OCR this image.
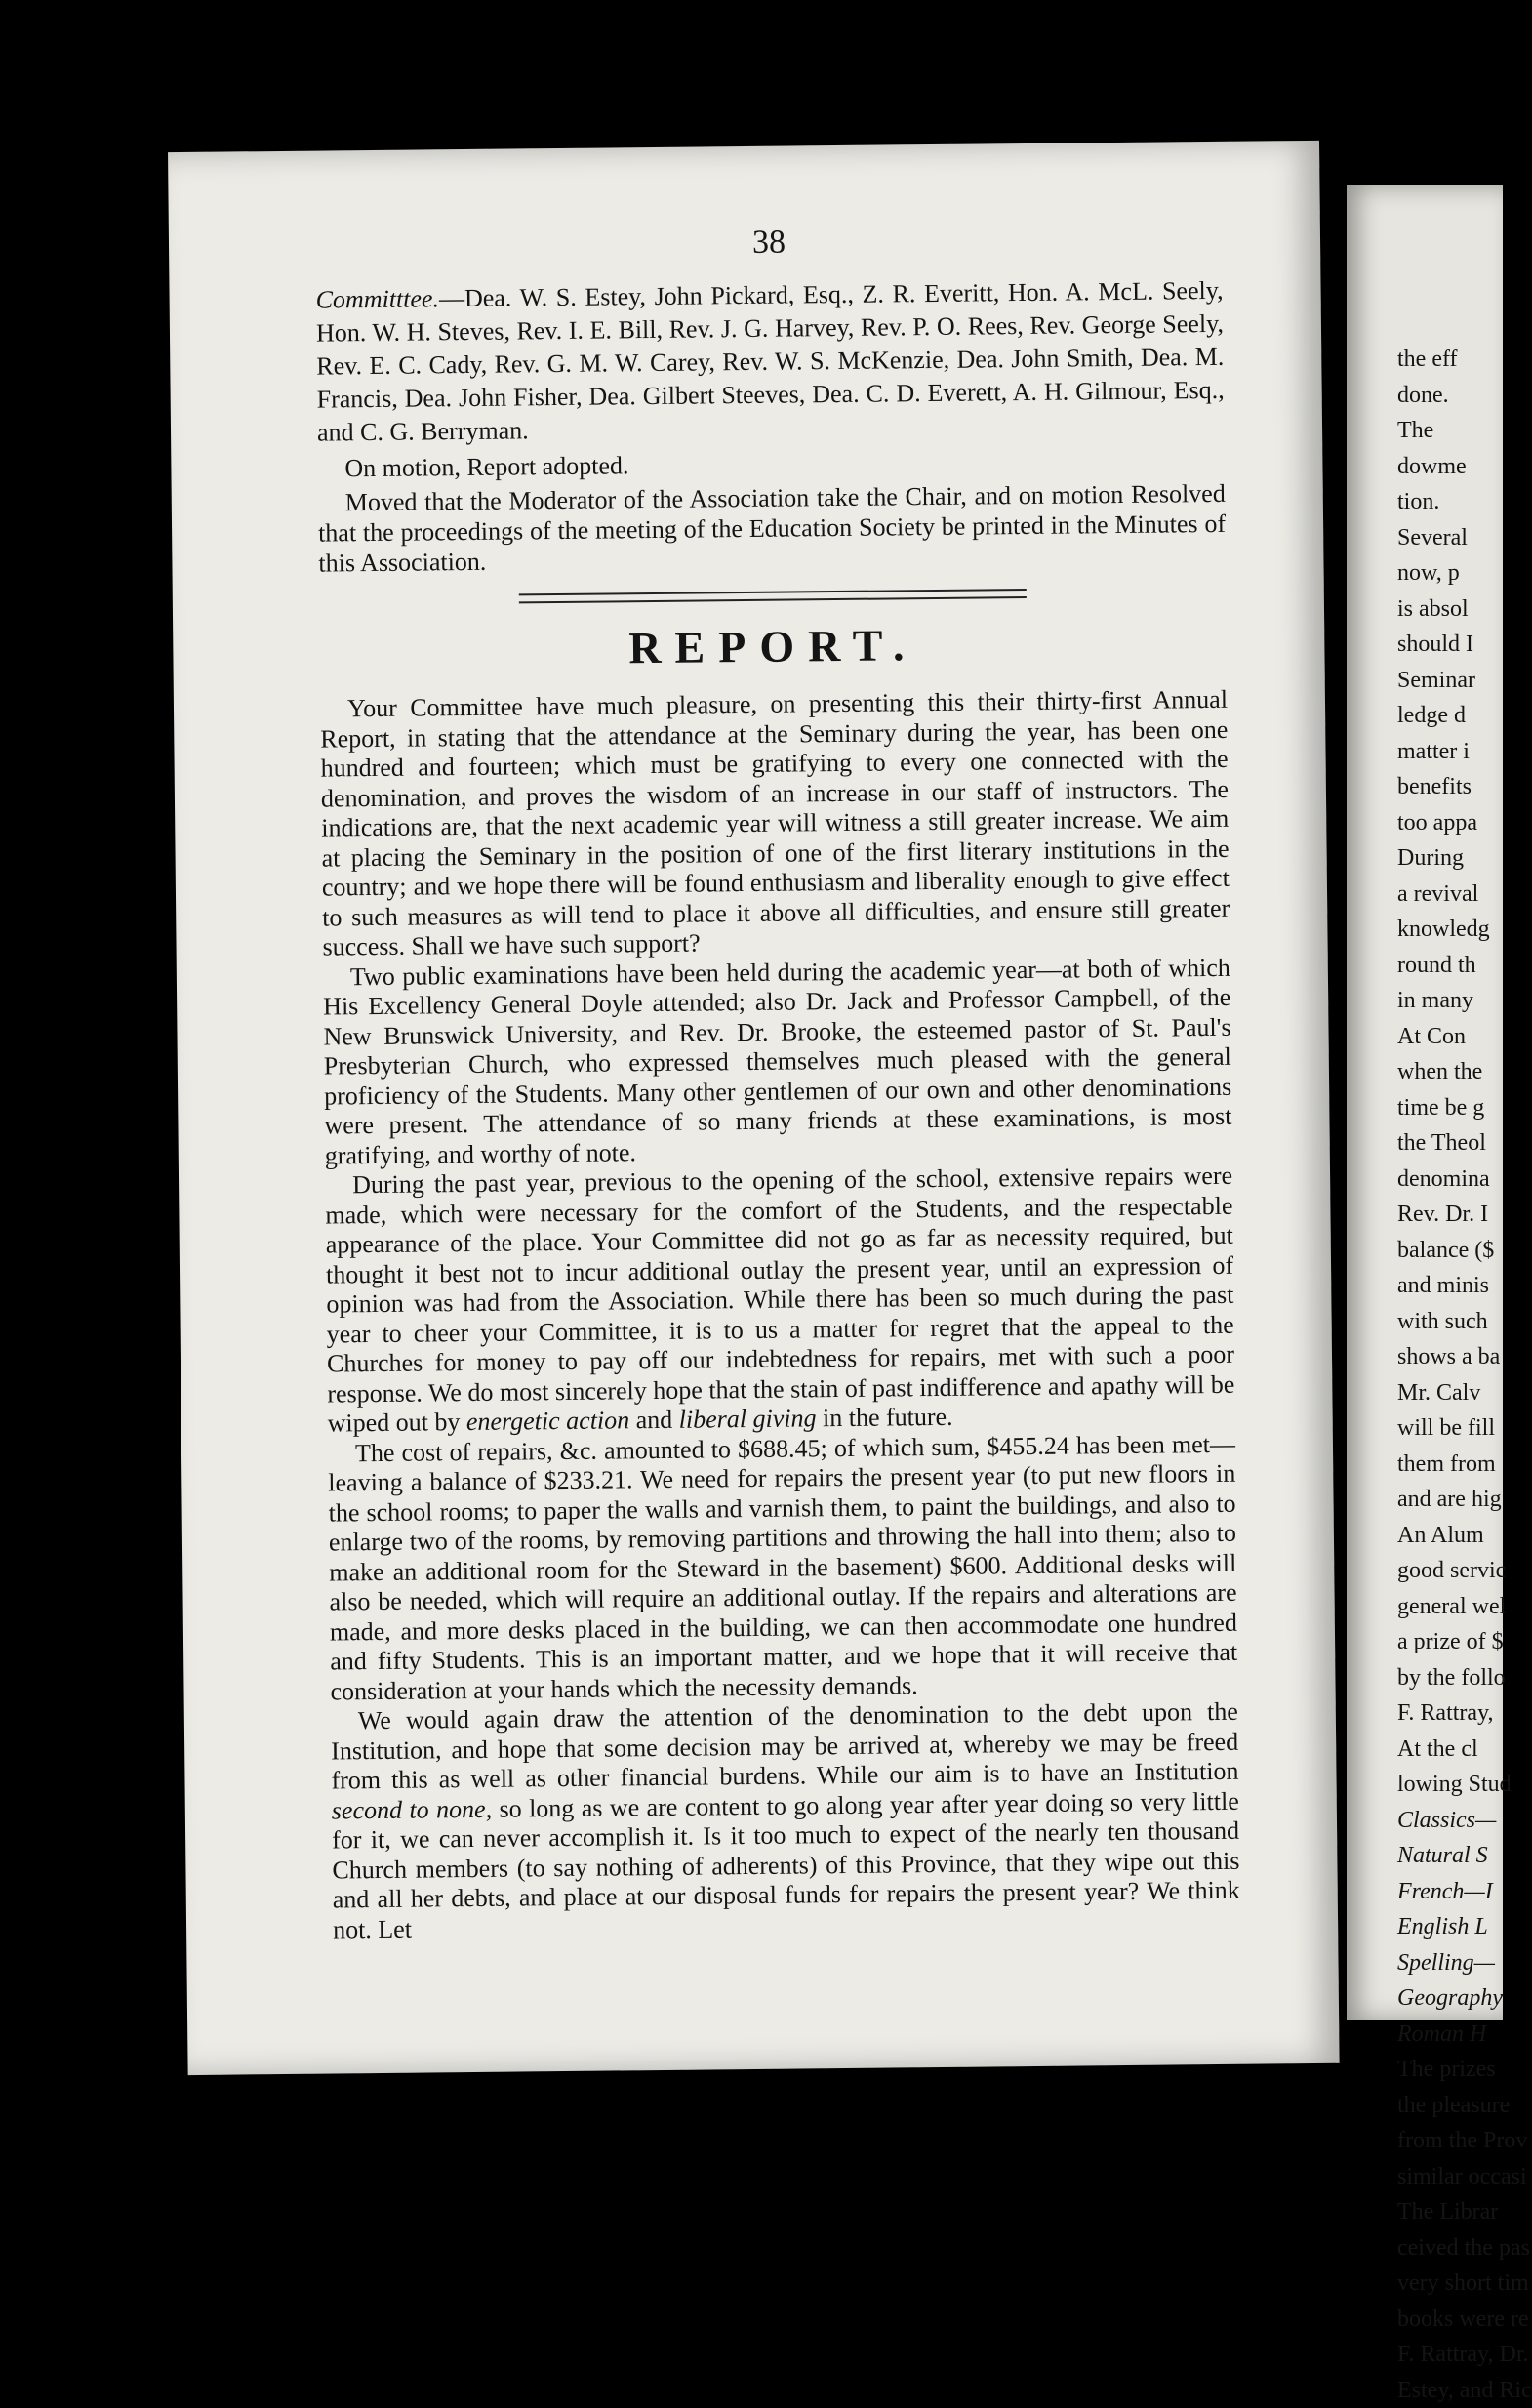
38

Committtee.—Dea. W. S. Estey, John Pickard, Esq., Z. R. Everitt, Hon. A. McL. Seely, Hon. W. H. Steves, Rev. I. E. Bill, Rev. J. G. Harvey, Rev. P. O. Rees, Rev. George Seely, Rev. E. C. Cady, Rev. G. M. W. Carey, Rev. W. S. McKenzie, Dea. John Smith, Dea. M. Francis, Dea. John Fisher, Dea. Gilbert Steeves, Dea. C. D. Everett, A. H. Gilmour, Esq., and C. G. Berryman.

On motion, Report adopted.

Moved that the Moderator of the Association take the Chair, and on motion Resolved that the proceedings of the meeting of the Education Society be printed in the Minutes of this Association.

REPORT.

Your Committee have much pleasure, on presenting this their thirty-first Annual Report, in stating that the attendance at the Seminary during the year, has been one hundred and fourteen; which must be gratifying to every one connected with the denomination, and proves the wisdom of an increase in our staff of instructors. The indications are, that the next academic year will witness a still greater increase. We aim at placing the Seminary in the position of one of the first literary institutions in the country; and we hope there will be found enthusiasm and liberality enough to give effect to such measures as will tend to place it above all difficulties, and ensure still greater success. Shall we have such support?

Two public examinations have been held during the academic year—at both of which His Excellency General Doyle attended; also Dr. Jack and Professor Campbell, of the New Brunswick University, and Rev. Dr. Brooke, the esteemed pastor of St. Paul's Presbyterian Church, who expressed themselves much pleased with the general proficiency of the Students. Many other gentlemen of our own and other denominations were present. The attendance of so many friends at these examinations, is most gratifying, and worthy of note.

During the past year, previous to the opening of the school, extensive repairs were made, which were necessary for the comfort of the Students, and the respectable appearance of the place. Your Committee did not go as far as necessity required, but thought it best not to incur additional outlay the present year, until an expression of opinion was had from the Association. While there has been so much during the past year to cheer your Committee, it is to us a matter for regret that the appeal to the Churches for money to pay off our indebtedness for repairs, met with such a poor response. We do most sincerely hope that the stain of past indifference and apathy will be wiped out by energetic action and liberal giving in the future.

The cost of repairs, &c. amounted to $688.45; of which sum, $455.24 has been met—leaving a balance of $233.21. We need for repairs the present year (to put new floors in the school rooms; to paper the walls and varnish them, to paint the buildings, and also to enlarge two of the rooms, by removing partitions and throwing the hall into them; also to make an additional room for the Steward in the basement) $600. Additional desks will also be needed, which will require an additional outlay. If the repairs and alterations are made, and more desks placed in the building, we can then accommodate one hundred and fifty Students. This is an important matter, and we hope that it will receive that consideration at your hands which the necessity demands.

We would again draw the attention of the denomination to the debt upon the Institution, and hope that some decision may be arrived at, whereby we may be freed from this as well as other financial burdens. While our aim is to have an Institution second to none, so long as we are content to go along year after year doing so very little for it, we can never accomplish it. Is it too much to expect of the nearly ten thousand Church members (to say nothing of adherents) of this Province, that they wipe out this and all her debts, and place at our disposal funds for repairs the present year? We think not. Let

the eff
done.
The
dowme
tion.
Several
now, p
is absol
should I
Seminar
ledge d
matter i
benefits
too appa
During
a revival
knowledg
round th
in many
At Con
when the
time be g
the Theol
denomina
Rev. Dr. I
balance ($
and minis
with such
shows a ba
Mr. Calv
will be fill
them from
and are hig
An Alum
good servic
general wel
a prize of $
by the follo
F. Rattray,
At the cl
lowing Stud
Classics—
Natural S
French—I
English L
Spelling—
Geography
Roman H
The prizes
the pleasure
from the Prov
similar occasi
The Librar
ceived the pas
very short tim
books were re
F. Rattray, Dr.
Estey, and Ric
